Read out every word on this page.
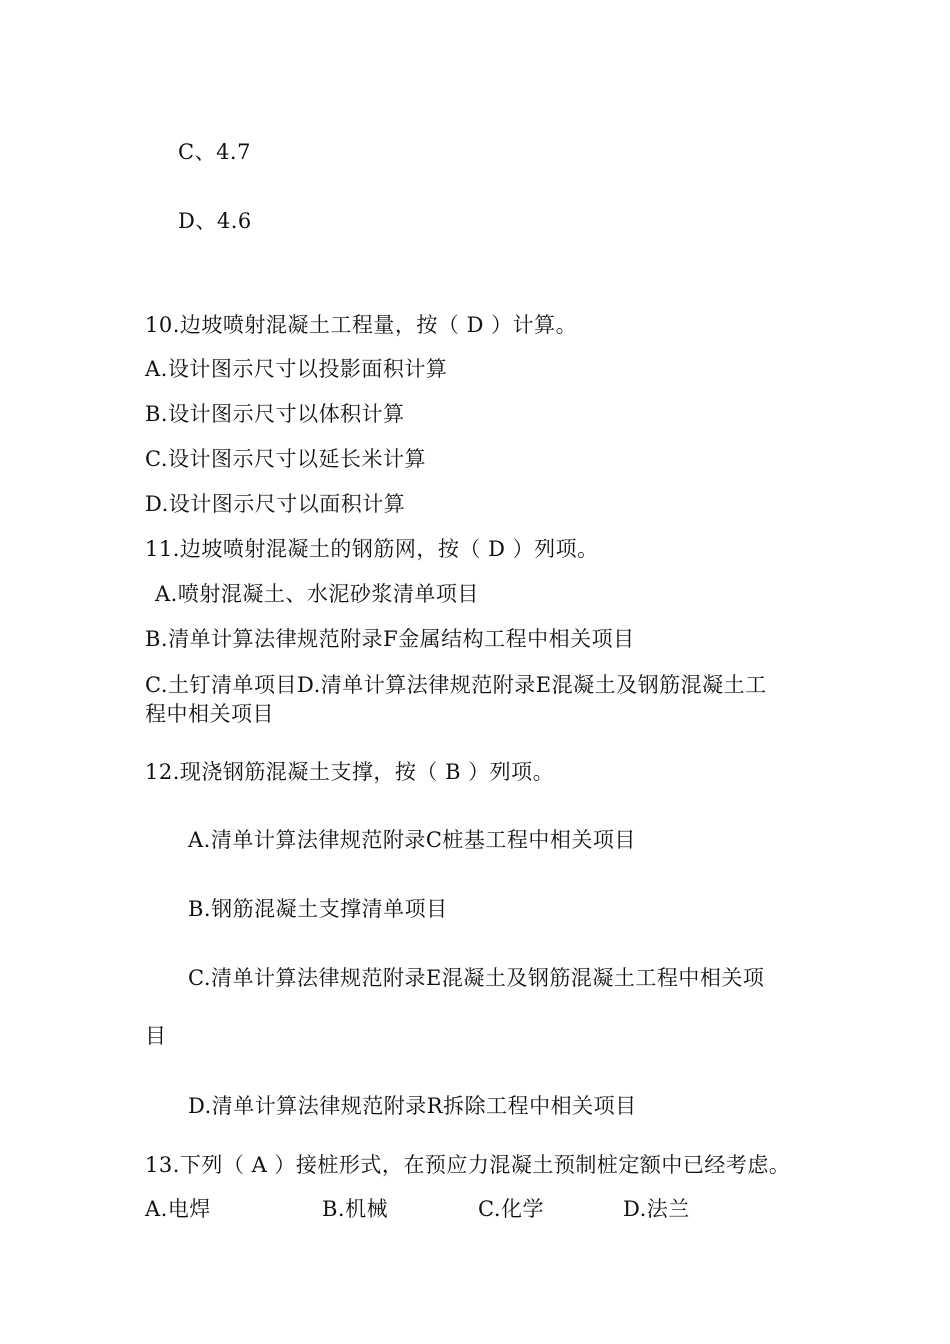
C、4.7
D、4.6
10.边坡喷射混凝土工程量，按（ D ）计算。
A.设计图示尺寸以投影面积计算
B.设计图示尺寸以体积计算
C.设计图示尺寸以延长米计算
D.设计图示尺寸以面积计算
11.边坡喷射混凝土的钢筋网，按（ D ）列项。
A.喷射混凝土、水泥砂浆清单项目
B.清单计算法律规范附录F金属结构工程中相关项目
C.土钉清单项目D.清单计算法律规范附录E混凝土及钢筋混凝土工
程中相关项目
12.现浇钢筋混凝土支撑，按（ B ）列项。
A.清单计算法律规范附录C桩基工程中相关项目
B.钢筋混凝土支撑清单项目
C.清单计算法律规范附录E混凝土及钢筋混凝土工程中相关项
目
D.清单计算法律规范附录R拆除工程中相关项目
13.下列（ A ）接桩形式，在预应力混凝土预制桩定额中已经考虑。
A.电焊	B.机械	C.化学	D.法兰
